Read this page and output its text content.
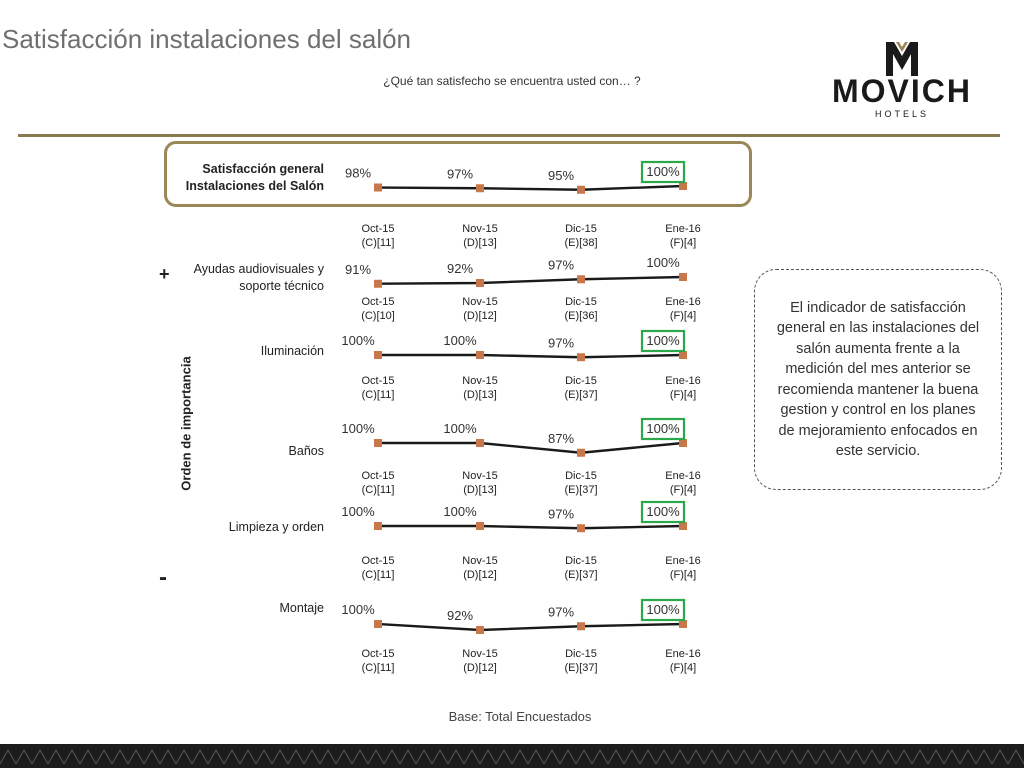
Satisfacción instalaciones del salón
¿Qué tan satisfecho se encuentra usted con… ?	MOVICH
HOTELS
Satisfacción general
Instalaciones del Salón
Ayudas audiovisuales y
soporte técnico
Iluminación
Baños
Limpieza y orden
Montaje
+
-
Orden de importancia
98%
Oct-15
(C)[11]
97%
Nov-15
(D)[13]
95%
Dic-15
(E)[38]
100%
Ene-16
(F)[4]
91%
Oct-15
(C)[10]
92%
Nov-15
(D)[12]
97%
Dic-15
(E)[36]
100%
Ene-16
(F)[4]
100%
Oct-15
(C)[11]
100%
Nov-15
(D)[13]
97%
Dic-15
(E)[37]
100%
Ene-16
(F)[4]
100%
Oct-15
(C)[11]
100%
Nov-15
(D)[13]
87%
Dic-15
(E)[37]
100%
Ene-16
(F)[4]
100%
Oct-15
(C)[11]
100%
Nov-15
(D)[12]
97%
Dic-15
(E)[37]
100%
Ene-16
(F)[4]
100%
Oct-15
(C)[11]
92%
Nov-15
(D)[12]
97%
Dic-15
(E)[37]
100%
Ene-16
(F)[4]
El indicador de satisfacción general en las instalaciones del salón aumenta frente a la medición del mes anterior se recomienda mantener la buena gestion y control en los planes de mejoramiento enfocados en este servicio.
Base: Total Encuestados
